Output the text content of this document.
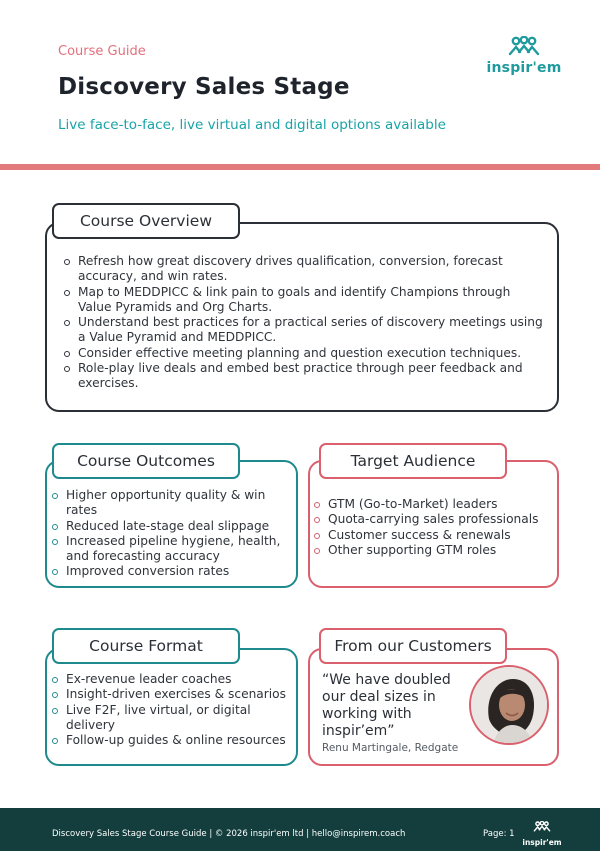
Course Guide
Discovery Sales Stage
Live face-to-face, live virtual and digital options available
inspir'em
Course Overview
Refresh how great discovery drives qualification, conversion, forecast accuracy, and win rates.
Map to MEDDPICC & link pain to goals and identify Champions through Value Pyramids and Org Charts.
Understand best practices for a practical series of discovery meetings using a Value Pyramid and MEDDPICC.
Consider effective meeting planning and question execution techniques.
Role-play live deals and embed best practice through peer feedback and exercises.
Course Outcomes
Higher opportunity quality & win rates
Reduced late-stage deal slippage
Increased pipeline hygiene, health, and forecasting accuracy
Improved conversion rates
Target Audience
GTM (Go-to-Market) leaders
Quota-carrying sales professionals
Customer success & renewals
Other supporting GTM roles
Course Format
Ex-revenue leader coaches
Insight-driven exercises & scenarios
Live F2F, live virtual, or digital delivery
Follow-up guides & online resources
From our Customers
“We have doubled our deal sizes in working with inspir’em”
Renu Martingale, Redgate
Discovery Sales Stage Course Guide | © 2026 inspir'em ltd | hello@inspirem.coach	Page: 1
inspir'em
